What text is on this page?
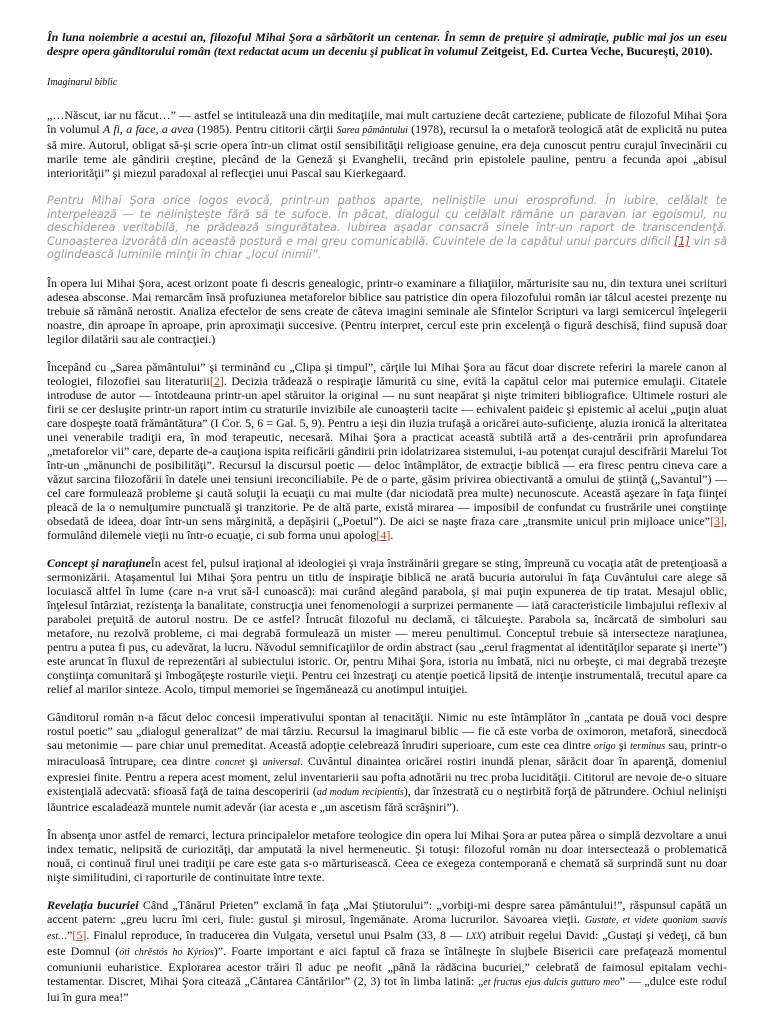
În luna noiembrie a acestui an, filozoful Mihai Şora a sărbătorit un centenar. În semn de preţuire şi admiraţie, public mai jos un eseu despre opera gânditorului român (text redactat acum un deceniu şi publicat în volumul Zeitgeist, Ed. Curtea Veche, Bucureşti, 2010).

Imaginarul biblic

„…Născut, iar nu făcut…” — astfel se intitulează una din meditaţiile, mai mult cartuziene decât carteziene, publicate de filozoful Mihai Şora în volumul A fi, a face, a avea (1985). Pentru cititorii cărţii Sarea pământului (1978), recursul la o metaforă teologică atât de explicită nu putea să mire. Autorul, obligat să-şi scrie opera într-un climat ostil sensibilităţii religioase genuine, era deja cunoscut pentru curajul învecinării cu marile teme ale gândirii creştine, plecând de la Geneză şi Evanghelii, trecând prin epistolele pauline, pentru a fecunda apoi „abisul interiorităţii” şi miezul paradoxal al reflecţiei unui Pascal sau Kierkegaard.

Pentru Mihai Şora orice logos evocă, printr-un pathos aparte, neliniştile unui erosprofund. În iubire, celălalt te interpelează — te nelinişteşte fără să te sufoce. În păcat, dialogul cu celălalt rămâne un paravan iar egoismul, nu deschiderea veritabilă, ne prădează singurătatea. Iubirea aşadar consacră sinele într-un raport de transcendenţă. Cunoaşterea izvorâtă din această postură e mai greu comunicabilă. Cuvintele de la capătul unui parcurs dificil [1] vin să oglindească luminile minţii în chiar „locul inimii”.

În opera lui Mihai Şora, acest orizont poate fi descris genealogic, printr-o examinare a filiaţiilor, mărturisite sau nu, din textura unei scriituri adesea absconse. Mai remarcăm însă profuziunea metaforelor biblice sau patristice din opera filozofului român iar tâlcul acestei prezenţe nu trebuie să rămână nerostit. Analiza efectelor de sens create de câteva imagini seminale ale Sfintelor Scripturi va largi semicercul înţelegerii noastre, din aproape în aproape, prin aproximaţii succesive. (Pentru interpret, cercul este prin excelenţă o figură deschisă, fiind supusă doar legilor dilatării sau ale contracţiei.)

Începând cu „Sarea pământului” şi terminând cu „Clipa şi timpul”, cărţile lui Mihai Şora au făcut doar discrete referiri la marele canon al teologiei, filozofiei sau literaturii[2]. Decizia trădează o respiraţie lămurită cu sine, evită la capătul celor mai puternice emulaţii. Citatele introduse de autor — întotdeauna printr-un apel stăruitor la original — nu sunt neapărat şi nişte trimiteri bibliografice. Ultimele rosturi ale firii se cer desluşite printr-un raport intim cu straturile invizibile ale cunoaşterii tacite — echivalent paideic şi epistemic al acelui „puţin aluat care dospeşte toată frământătura” (I Cor. 5, 6 = Gal. 5, 9). Pentru a ieşi din iluzia trufaşă a oricărei auto-suficienţe, aluzia ironică la alteritatea unei venerabile tradiţii era, în mod terapeutic, necesară. Mihai Şora a practicat această subtilă artă a des-centrării prin aprofundarea „metaforelor vii” care, departe de-a cauţiona ispita reificării gândirii prin idolatrizarea sistemului, i-au potenţat curajul descifrării Marelui Tot într-un „mănunchi de posibilităţi”. Recursul la discursul poetic — deloc întâmplător, de extracţie biblică — era firesc pentru cineva care a văzut sarcina filozofării în datele unei tensiuni ireconciliabile. Pe de o parte, găsim privirea obiectivantă a omului de ştiinţă („Savantul”) — cel care formulează probleme şi caută soluţii la ecuaţii cu mai multe (dar niciodată prea multe) necunoscute. Această aşezare în faţa fiinţei pleacă de la o nemulţumire punctuală şi tranzitorie. Pe de altă parte, există mirarea — imposibil de confundat cu frustrările unei conştiinţe obsedată de ideea, doar într-un sens mărginită, a depăşirii („Poetul”). De aici se naşte fraza care „transmite unicul prin mijloace unice”[3], formulând dilemele vieţii nu într-o ecuaţie, ci sub forma unui apolog[4].

Concept şi naraţiuneÎn acest fel, pulsul iraţional al ideologiei şi vraja înstrăinării gregare se sting, împreună cu vocaţia atât de pretenţioasă a sermonizării. Ataşamentul lui Mihai Şora pentru un titlu de inspiraţie biblică ne arată bucuria autorului în faţa Cuvântului care alege să locuiască altfel în lume (care n-a vrut să-l cunoască): mai curând alegând parabola, şi mai puţin expunerea de tip tratat. Mesajul oblic, înţelesul întârziat, rezistenţa la banalitate, construcţia unei fenomenologii a surprizei permanente — iată caracteristicile limbajului reflexiv al parabolei preţuită de autorul nostru. De ce astfel? Întrucât filozoful nu declamă, ci tâlcuieşte. Parabola sa, încărcată de simboluri sau metafore, nu rezolvă probleme, ci mai degrabă formulează un mister — mereu penultimul. Conceptul trebuie să intersecteze naraţiunea, pentru a putea fi pus, cu adevărat, la lucru. Năvodul semnificaţiilor de ordin abstract (sau „cerul fragmentat al identităţilor separate şi inerte”) este aruncat în fluxul de reprezentări al subiectului istoric. Or, pentru Mihai Şora, istoria nu îmbată, nici nu orbeşte, ci mai degrabă trezeşte conştiinţa comunitară şi îmbogăţeşte rosturile vieţii. Pentru cei înzestraţi cu atenţie poetică lipsită de intenţie instrumentală, trecutul apare ca relief al marilor sinteze. Acolo, timpul memoriei se îngemănează cu anotimpul intuiţiei.

Gânditorul român n-a făcut deloc concesii imperativului spontan al tenacităţii. Nimic nu este întâmplător în „cantata pe două voci despre rostul poetic” sau „dialogul generalizat” de mai târziu. Recursul la imaginarul biblic — fie că este vorba de oximoron, metaforă, sinecdocă sau metonimie — pare chiar unul premeditat. Această adopţie celebrează înrudiri superioare, cum este cea dintre origo şi terminus sau, printr-o miraculoasă întrupare, cea dintre concret şi universal. Cuvântul dinaintea oricărei rostiri inundă plenar, sărăcit doar în aparenţă, domeniul expresiei finite. Pentru a repera acest moment, zelul inventarierii sau pofta adnotării nu trec proba lucidităţii. Cititorul are nevoie de-o situare existenţială adecvată: sfioasă faţă de taina descoperirii (ad modum recipientis), dar înzestrată cu o neştirbită forţă de pătrundere. Ochiul nelinişti lăuntrice escaladează muntele numit adevăr (iar acesta e „un ascetism fără scrâşniri”).

În absenţa unor astfel de remarci, lectura principalelor metafore teologice din opera lui Mihai Şora ar putea părea o simplă dezvoltare a unui index tematic, nelipsită de curiozităţi, dar amputată la nivel hermeneutic. Şi totuşi: filozoful român nu doar intersectează o problematică nouă, ci continuă firul unei tradiţii pe care este gata s-o mărturisească. Ceea ce exegeza contemporană e chemată să surprindă sunt nu doar nişte similitudini, ci raporturile de continuitate între texte.

Revelaţia bucuriei Când „Tânărul Prieten” exclamă în faţa „Mai Ştiutorului”: „vorbiţi-mi despre sarea pământului!”, răspunsul capătă un accent patern: „greu lucru îmi ceri, fiule: gustul şi mirosul, îngemănate. Aroma lucrurilor. Savoarea vieţii. Gustate, et videte quoniam suavis est…”[5]. Finalul reproduce, în traducerea din Vulgata, versetul unui Psalm (33, 8 — LXX) atribuit regelui David: „Gustaţi şi vedeţi, că bun este Domnul (óti chrēstós ho Kýrios)”. Foarte important e aici faptul că fraza se întâlneşte în slujbele Bisericii care prefaţează momentul comuniunii euharistice. Explorarea acestor trăiri îl aduc pe neofit „până la rădăcina bucuriei,” celebrată de faimosul epitalam vechi-testamentar. Discret, Mihai Şora citează „Cântarea Cântărilor” (2, 3) tot în limba latină: „et fructus ejus dulcis gutturo meo” — „dulce este rodul lui în gura mea!”
